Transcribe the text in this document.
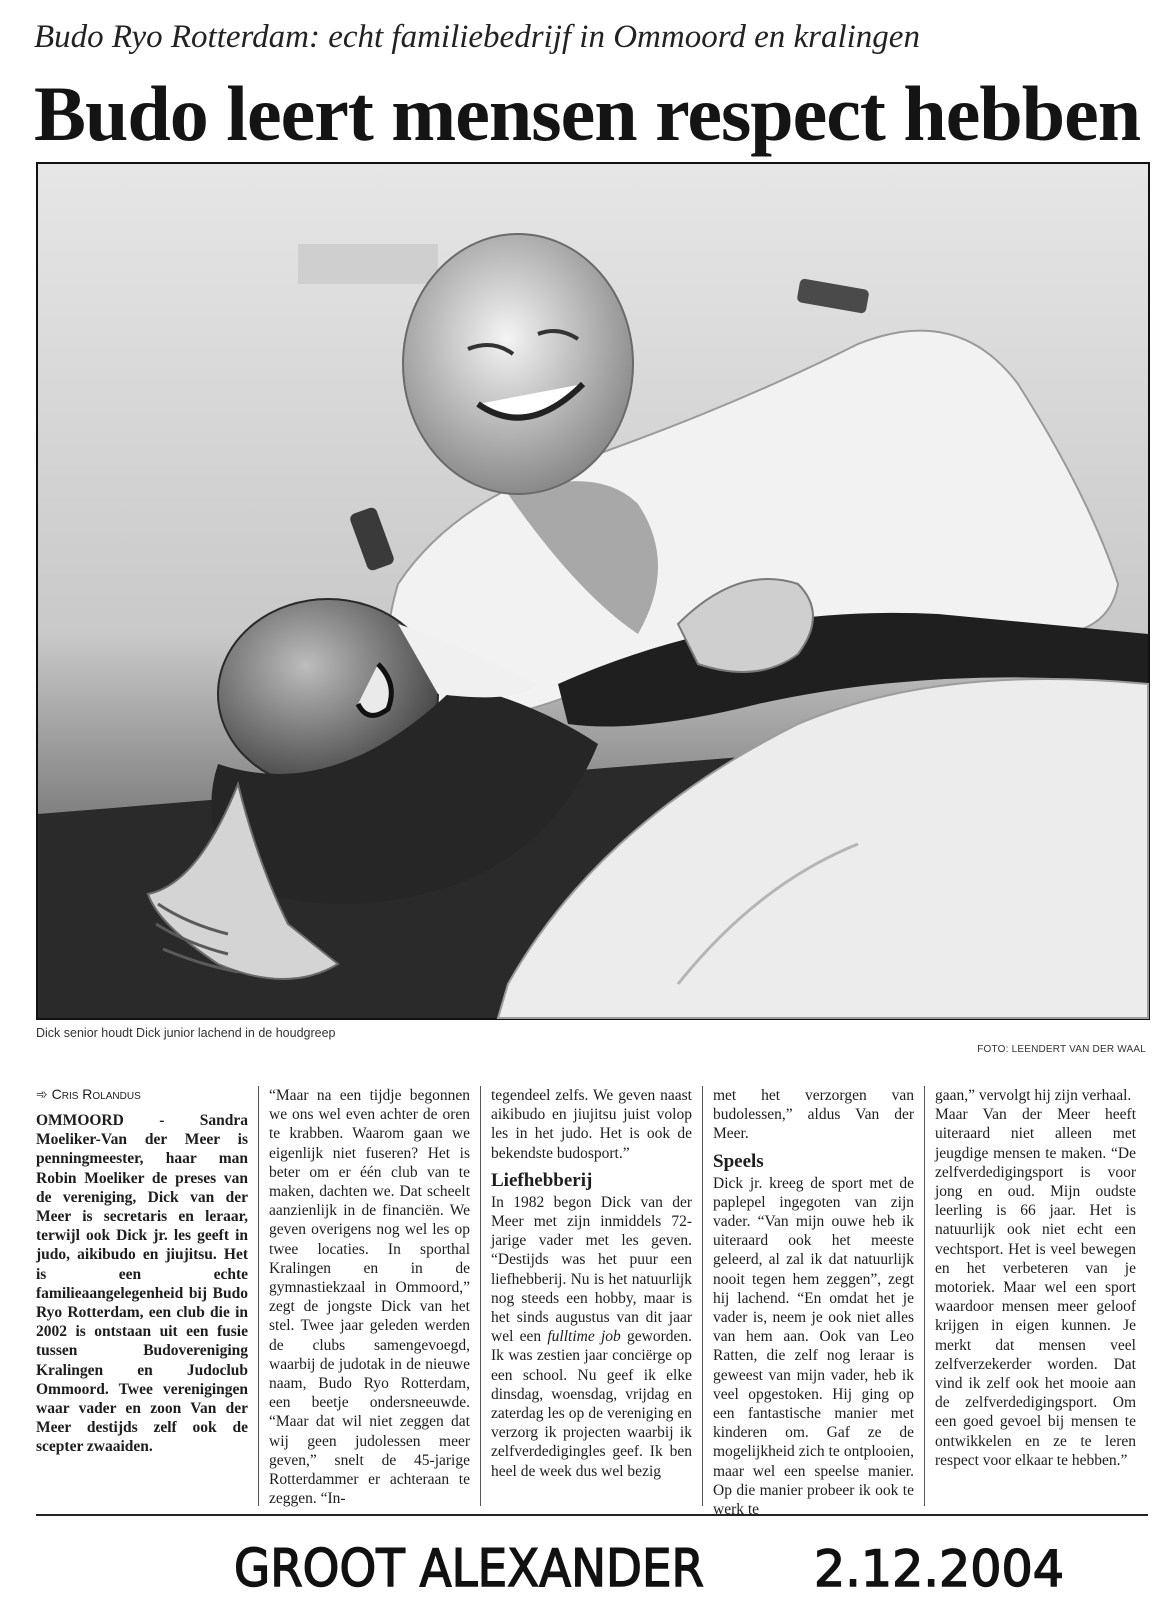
Budo Ryo Rotterdam: echt familiebedrijf in Ommoord en kralingen
Budo leert mensen respect hebben
Dick senior houdt Dick junior lachend in de houdgreep
FOTO: LEENDERT VAN DER WAAL
➾ Cris Rolandus

OMMOORD - Sandra Moeliker-Van der Meer is penningmeester, haar man Robin Moeliker de preses van de vereniging, Dick van der Meer is secretaris en leraar, terwijl ook Dick jr. les geeft in judo, aikibudo en jiujitsu. Het is een echte familieaangelegenheid bij Budo Ryo Rotterdam, een club die in 2002 is ontstaan uit een fusie tussen Budovereniging Kralingen en Judoclub Ommoord. Twee verenigingen waar vader en zoon Van der Meer destijds zelf ook de scepter zwaaiden.

“Maar na een tijdje begonnen we ons wel even achter de oren te krabben. Waarom gaan we eigenlijk niet fuseren? Het is beter om er één club van te maken, dachten we. Dat scheelt aanzienlijk in de financiën. We geven overigens nog wel les op twee locaties. In sporthal Kralingen en in de gymnastiekzaal in Ommoord,” zegt de jongste Dick van het stel. Twee jaar geleden werden de clubs samengevoegd, waarbij de judotak in de nieuwe naam, Budo Ryo Rotterdam, een beetje ondersneeuwde. “Maar dat wil niet zeggen dat wij geen judolessen meer geven,” snelt de 45-jarige Rotterdammer er achteraan te zeggen. “In-

tegendeel zelfs. We geven naast aikibudo en jiujitsu juist volop les in het judo. Het is ook de bekendste budosport.”

Liefhebberij

In 1982 begon Dick van der Meer met zijn inmiddels 72-jarige vader met les geven. “Destijds was het puur een liefhebberij. Nu is het natuurlijk nog steeds een hobby, maar is het sinds augustus van dit jaar wel een fulltime job geworden. Ik was zestien jaar conciërge op een school. Nu geef ik elke dinsdag, woensdag, vrijdag en zaterdag les op de vereniging en verzorg ik projecten waarbij ik zelfverdedigingles geef. Ik ben heel de week dus wel bezig

met het verzorgen van budolessen,” aldus Van der Meer.

Speels

Dick jr. kreeg de sport met de paplepel ingegoten van zijn vader. “Van mijn ouwe heb ik uiteraard ook het meeste geleerd, al zal ik dat natuurlijk nooit tegen hem zeggen”, zegt hij lachend. “En omdat het je vader is, neem je ook niet alles van hem aan. Ook van Leo Ratten, die zelf nog leraar is geweest van mijn vader, heb ik veel opgestoken. Hij ging op een fantastische manier met kinderen om. Gaf ze de mogelijkheid zich te ontplooien, maar wel een speelse manier. Op die manier probeer ik ook te werk te

gaan,” vervolgt hij zijn verhaal.

Maar Van der Meer heeft uiteraard niet alleen met jeugdige mensen te maken. “De zelfverdedigingsport is voor jong en oud. Mijn oudste leerling is 66 jaar. Het is natuurlijk ook niet echt een vechtsport. Het is veel bewegen en het verbeteren van je motoriek. Maar wel een sport waardoor mensen meer geloof krijgen in eigen kunnen. Je merkt dat mensen veel zelfverzekerder worden. Dat vind ik zelf ook het mooie aan de zelfverdedigingsport. Om een goed gevoel bij mensen te ontwikkelen en ze te leren respect voor elkaar te hebben.”

GROOT ALEXANDER 2.12.2004
